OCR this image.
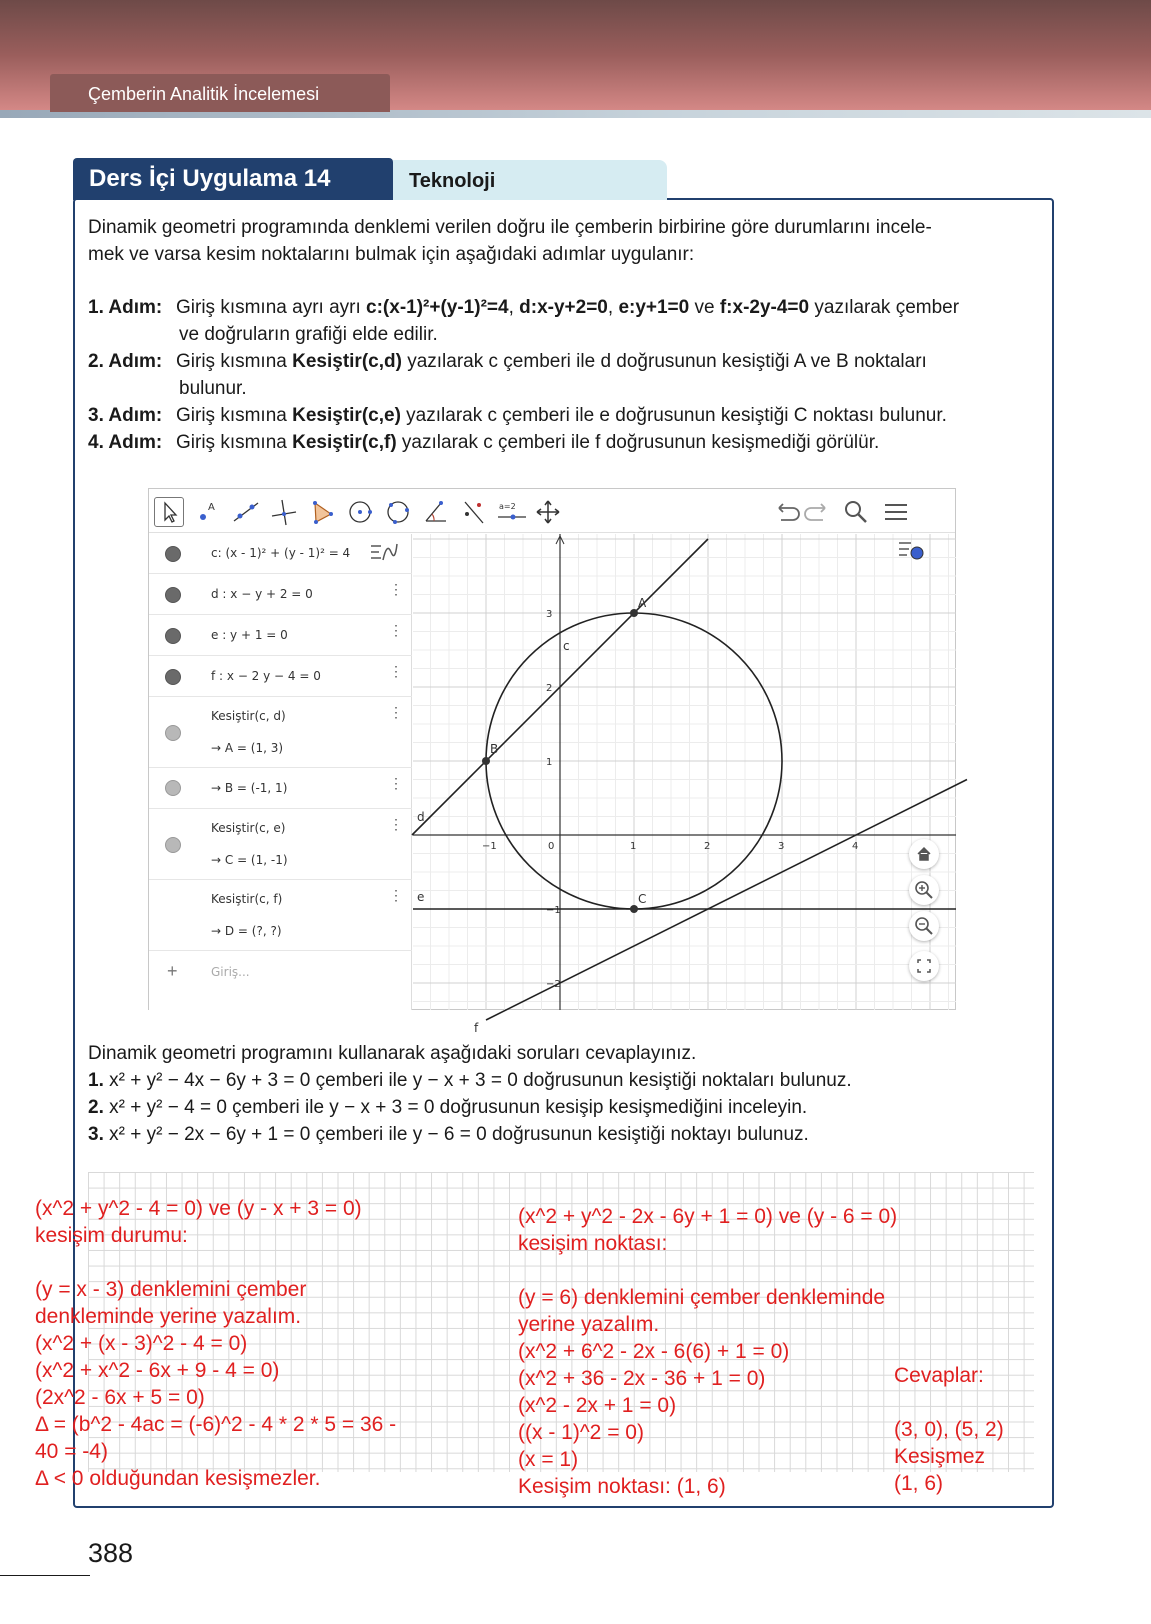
Çemberin Analitik İncelemesi
Ders İçi Uygulama 14	Teknoloji
Dinamik geometri programında denklemi verilen doğru ile çemberin birbirine göre durumlarını incele-
mek ve varsa kesim noktalarını bulmak için aşağıdaki adımlar uygulanır:
1. Adım: Giriş kısmına ayrı ayrı c:(x-1)²+(y-1)²=4, d:x-y+2=0, e:y+1=0 ve f:x-2y-4=0 yazılarak çember
ve doğruların grafiği elde edilir.
2. Adım: Giriş kısmına Kesiştir(c,d) yazılarak c çemberi ile d doğrusunun kesiştiği A ve B noktaları
bulunur.
3. Adım: Giriş kısmına Kesiştir(c,e) yazılarak c çemberi ile e doğrusunun kesiştiği C noktası bulunur.
4. Adım: Giriş kısmına Kesiştir(c,f) yazılarak c çemberi ile f doğrusunun kesişmediği görülür.
A	a=2
c: (x - 1)² + (y - 1)² = 4
d : x − y + 2 = 0	⋮
e : y + 1 = 0	⋮
f : x − 2 y − 4 = 0	⋮
Kesiştir(c, d)
→ A = (1, 3)
⋮
→ B = (-1, 1)	⋮
Kesiştir(c, e)
→ C = (1, -1)
⋮
Kesiştir(c, f)
→ D = (?, ?)
⋮
+	Giriş...
−1	0	1	2	3	4
3
2
1
−1
−2
A
B
C
c
d
e
f
Dinamik geometri programını kullanarak aşağıdaki soruları cevaplayınız.
1. x² + y² − 4x − 6y + 3 = 0 çemberi ile y − x + 3 = 0 doğrusunun kesiştiği noktaları bulunuz.
2. x² + y² − 4 = 0 çemberi ile y − x + 3 = 0 doğrusunun kesişip kesişmediğini inceleyin.
3. x² + y² − 2x − 6y + 1 = 0 çemberi ile y − 6 = 0 doğrusunun kesiştiği noktayı bulunuz.
(x^2 + y^2 - 4 = 0) ve (y - x + 3 = 0)
kesişim durumu:
(y = x - 3) denklemini çember
denkleminde yerine yazalım.
(x^2 + (x - 3)^2 - 4 = 0)
(x^2 + x^2 - 6x + 9 - 4 = 0)
(2x^2 - 6x + 5 = 0)
Δ = (b^2 - 4ac = (-6)^2 - 4 * 2 * 5 = 36 -
40 = -4)
Δ < 0 olduğundan kesişmezler.
(x^2 + y^2 - 2x - 6y + 1 = 0) ve (y - 6 = 0)
kesişim noktası:
(y = 6) denklemini çember denkleminde
yerine yazalım.
(x^2 + 6^2 - 2x - 6(6) + 1 = 0)
(x^2 + 36 - 2x - 36 + 1 = 0)
(x^2 - 2x + 1 = 0)
((x - 1)^2 = 0)
(x = 1)
Kesişim noktası: (1, 6)
Cevaplar:
(3, 0), (5, 2)
Kesişmez
(1, 6)
388
